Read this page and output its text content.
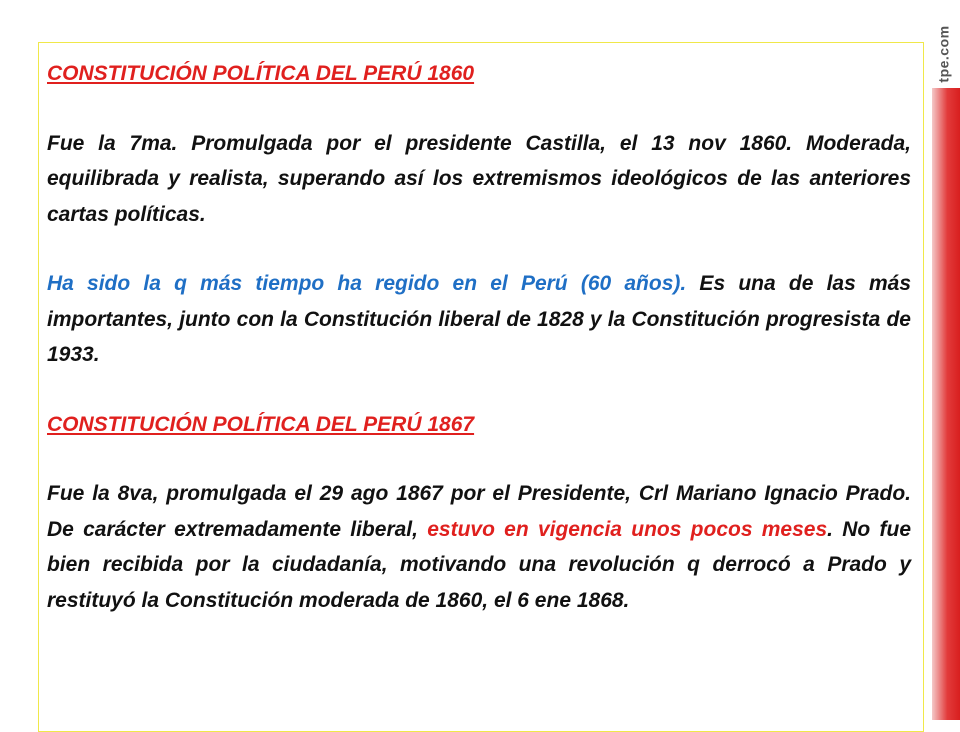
tpe.com

CONSTITUCIÓN POLÍTICA DEL PERÚ 1860

Fue la 7ma. Promulgada por el presidente Castilla, el 13 nov 1860. Moderada, equilibrada y realista, superando así los extremismos ideológicos de las anteriores cartas políticas.

Ha sido la q más tiempo ha regido en el Perú (60 años). Es una de las más importantes, junto con la Constitución liberal de 1828 y la Constitución progresista de 1933.

CONSTITUCIÓN POLÍTICA DEL PERÚ 1867

Fue la 8va, promulgada el 29 ago 1867 por el Presidente, Crl Mariano Ignacio Prado. De carácter extremadamente liberal, estuvo en vigencia unos pocos meses. No fue bien recibida por la ciudadanía, motivando una revolución q derrocó a Prado y restituyó la Constitución moderada de 1860, el 6 ene 1868.
